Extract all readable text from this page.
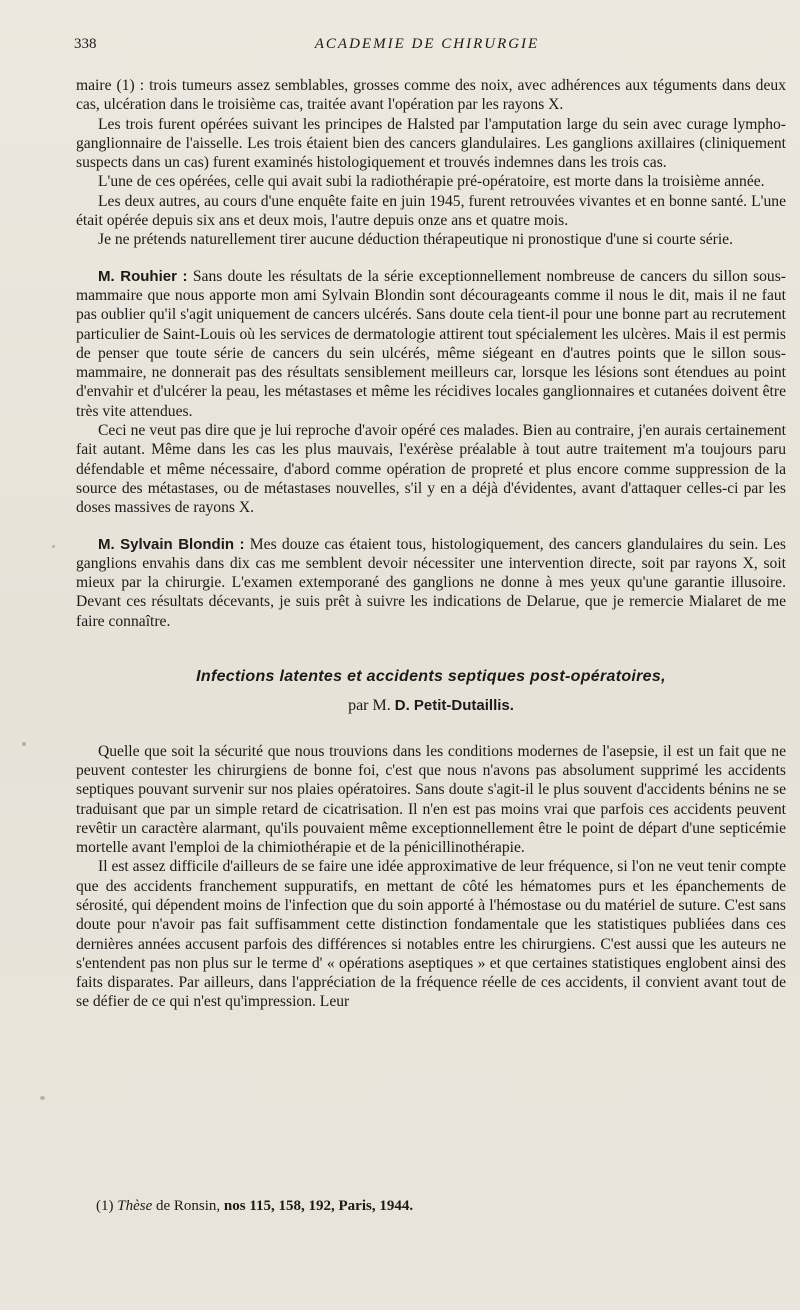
338	ACADEMIE DE CHIRURGIE

maire (1) : trois tumeurs assez semblables, grosses comme des noix, avec adhérences aux téguments dans deux cas, ulcération dans le troisième cas, traitée avant l'opération par les rayons X.

Les trois furent opérées suivant les principes de Halsted par l'amputation large du sein avec curage lympho-ganglionnaire de l'aisselle. Les trois étaient bien des cancers glandulaires. Les ganglions axillaires (cliniquement suspects dans un cas) furent examinés histologiquement et trouvés indemnes dans les trois cas.

L'une de ces opérées, celle qui avait subi la radiothérapie pré-opératoire, est morte dans la troisième année.

Les deux autres, au cours d'une enquête faite en juin 1945, furent retrouvées vivantes et en bonne santé. L'une était opérée depuis six ans et deux mois, l'autre depuis onze ans et quatre mois.

Je ne prétends naturellement tirer aucune déduction thérapeutique ni pronostique d'une si courte série.

M. Rouhier : Sans doute les résultats de la série exceptionnellement nombreuse de cancers du sillon sous-mammaire que nous apporte mon ami Sylvain Blondin sont décourageants comme il nous le dit, mais il ne faut pas oublier qu'il s'agit uniquement de cancers ulcérés. Sans doute cela tient-il pour une bonne part au recrutement particulier de Saint-Louis où les services de dermatologie attirent tout spécialement les ulcères. Mais il est permis de penser que toute série de cancers du sein ulcérés, même siégeant en d'autres points que le sillon sous-mammaire, ne donnerait pas des résultats sensiblement meilleurs car, lorsque les lésions sont étendues au point d'envahir et d'ulcérer la peau, les métastases et même les récidives locales ganglionnaires et cutanées doivent être très vite attendues.

Ceci ne veut pas dire que je lui reproche d'avoir opéré ces malades. Bien au contraire, j'en aurais certainement fait autant. Même dans les cas les plus mauvais, l'exérèse préalable à tout autre traitement m'a toujours paru défendable et même nécessaire, d'abord comme opération de propreté et plus encore comme suppression de la source des métastases, ou de métastases nouvelles, s'il y en a déjà d'évidentes, avant d'attaquer celles-ci par les doses massives de rayons X.

M. Sylvain Blondin : Mes douze cas étaient tous, histologiquement, des cancers glandulaires du sein. Les ganglions envahis dans dix cas me semblent devoir nécessiter une intervention directe, soit par rayons X, soit mieux par la chirurgie. L'examen extemporané des ganglions ne donne à mes yeux qu'une garantie illusoire. Devant ces résultats décevants, je suis prêt à suivre les indications de Delarue, que je remercie Mialaret de me faire connaître.

Infections latentes et accidents septiques post-opératoires,
par M. D. Petit-Dutaillis.

Quelle que soit la sécurité que nous trouvions dans les conditions modernes de l'asepsie, il est un fait que ne peuvent contester les chirurgiens de bonne foi, c'est que nous n'avons pas absolument supprimé les accidents septiques pouvant survenir sur nos plaies opératoires. Sans doute s'agit-il le plus souvent d'accidents bénins ne se traduisant que par un simple retard de cicatrisation. Il n'en est pas moins vrai que parfois ces accidents peuvent revêtir un caractère alarmant, qu'ils pouvaient même exceptionnellement être le point de départ d'une septicémie mortelle avant l'emploi de la chimiothérapie et de la pénicillinothérapie.

Il est assez difficile d'ailleurs de se faire une idée approximative de leur fréquence, si l'on ne veut tenir compte que des accidents franchement suppuratifs, en mettant de côté les hématomes purs et les épanchements de sérosité, qui dépendent moins de l'infection que du soin apporté à l'hémostase ou du matériel de suture. C'est sans doute pour n'avoir pas fait suffisamment cette distinction fondamentale que les statistiques publiées dans ces dernières années accusent parfois des différences si notables entre les chirurgiens. C'est aussi que les auteurs ne s'entendent pas non plus sur le terme d' « opérations aseptiques » et que certaines statistiques englobent ainsi des faits disparates. Par ailleurs, dans l'appréciation de la fréquence réelle de ces accidents, il convient avant tout de se défier de ce qui n'est qu'impression. Leur

(1) Thèse de Ronsin, nos 115, 158, 192, Paris, 1944.
